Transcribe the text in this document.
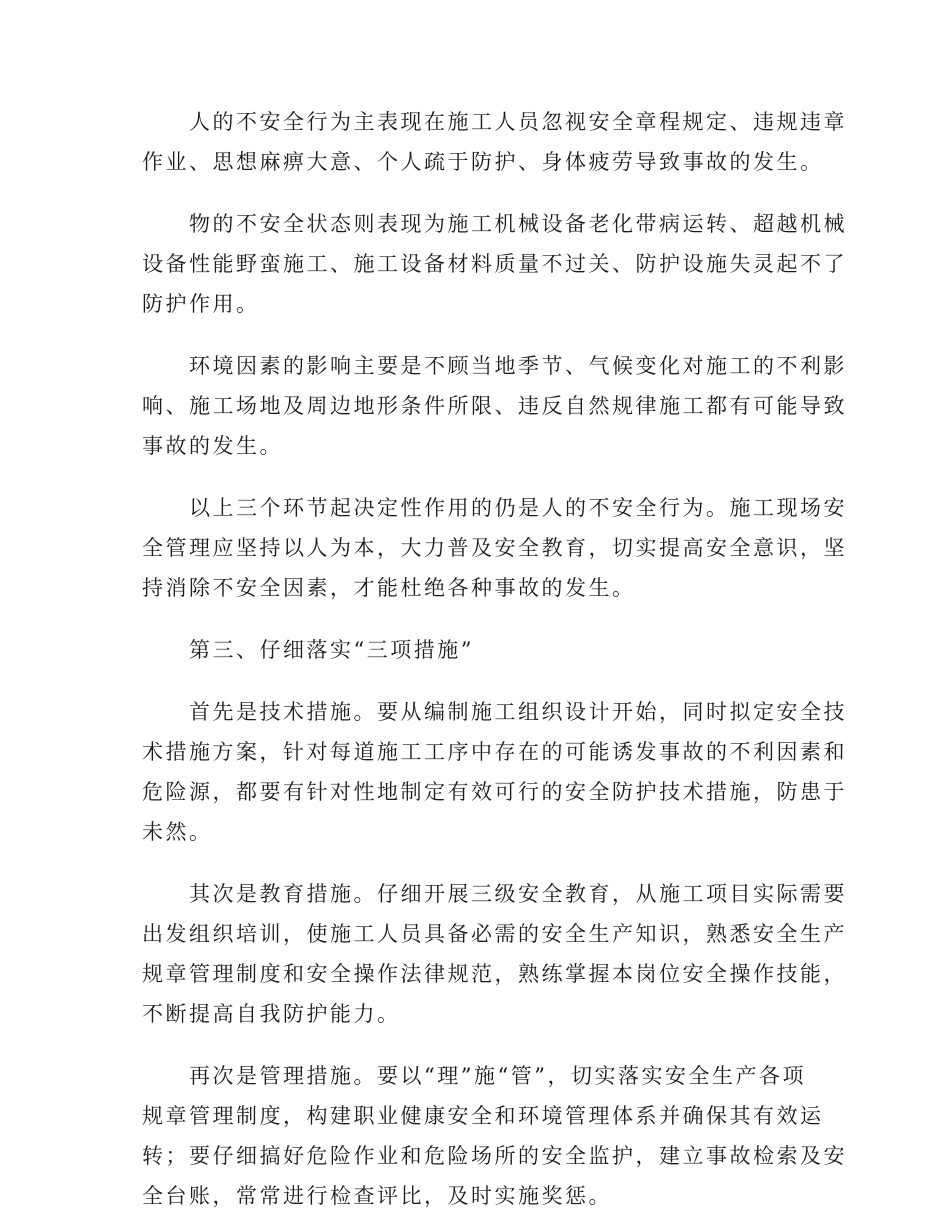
人的不安全行为主表现在施工人员忽视安全章程规定、违规违章
作业、思想麻痹大意、个人疏于防护、身体疲劳导致事故的发生。

物的不安全状态则表现为施工机械设备老化带病运转、超越机械
设备性能野蛮施工、施工设备材料质量不过关、防护设施失灵起不了
防护作用。

环境因素的影响主要是不顾当地季节、气候变化对施工的不利影
响、施工场地及周边地形条件所限、违反自然规律施工都有可能导致
事故的发生。

以上三个环节起决定性作用的仍是人的不安全行为。施工现场安
全管理应坚持以人为本，大力普及安全教育，切实提高安全意识，坚
持消除不安全因素，才能杜绝各种事故的发生。

第三、仔细落实“三项措施”

首先是技术措施。要从编制施工组织设计开始，同时拟定安全技
术措施方案，针对每道施工工序中存在的可能诱发事故的不利因素和
危险源，都要有针对性地制定有效可行的安全防护技术措施，防患于
未然。

其次是教育措施。仔细开展三级安全教育，从施工项目实际需要
出发组织培训，使施工人员具备必需的安全生产知识，熟悉安全生产
规章管理制度和安全操作法律规范，熟练掌握本岗位安全操作技能，
不断提高自我防护能力。

再次是管理措施。要以“理”施“管”，切实落实安全生产各项
规章管理制度，构建职业健康安全和环境管理体系并确保其有效运
转；要仔细搞好危险作业和危险场所的安全监护，建立事故检索及安
全台账，常常进行检查评比，及时实施奖惩。
